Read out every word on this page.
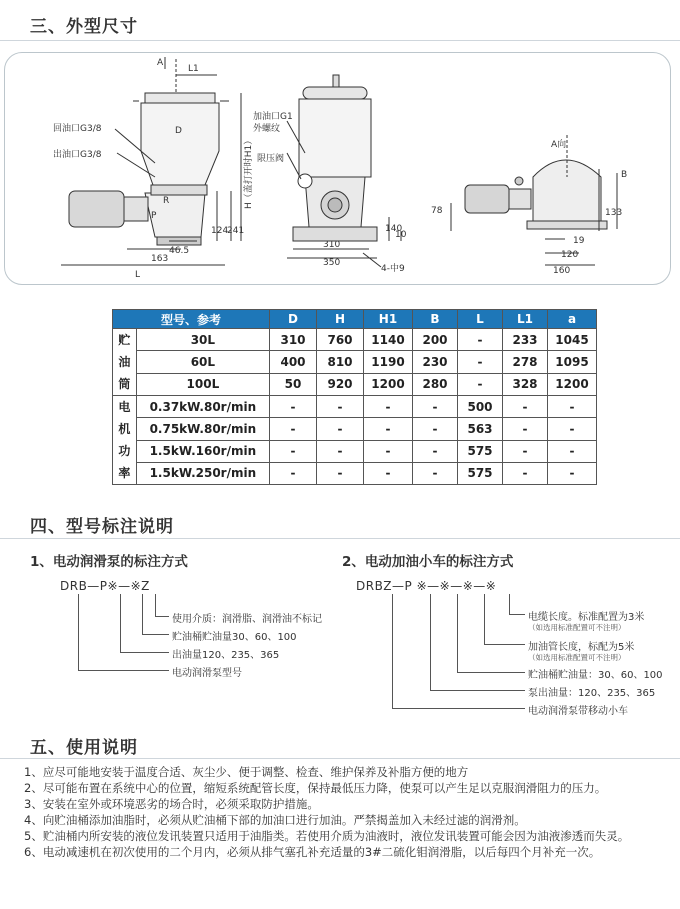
三、外型尺寸
A
L1
D
回油口G3/8
出油口G3/8
R
P
124
241
46.5
163
L
H（盖打开时H1）
加油口G1
外螺纹
限压阀
140
10
310
350
4-中9
A向
B
78	133
19
120
160
型号、参考		D	H	H1	B	L	L1	a
贮
油
筒	30L	310	760	1140	200	-	233	1045
	60L	400	810	1190	230	-	278	1095
	100L	50	920	1200	280	-	328	1200
电
机
功
率	0.37kW.80r/min	-	-	-	-	500	-	-
	0.75kW.80r/min	-	-	-	-	563	-	-
	1.5kW.160r/min	-	-	-	-	575	-	-
	1.5kW.250r/min	-	-	-	-	575	-	-
四、型号标注说明
1、电动润滑泵的标注方式
DRB—P※—※Z
使用介质：润滑脂、润滑油不标记
贮油桶贮油量30、60、100
出油量120、235、365
电动润滑泵型号
2、电动加油小车的标注方式
DRBZ—P ※—※—※—※
电缆长度。标准配置为3米
（如选用标准配置可不注明）
加油管长度，标配为5米
（如选用标准配置可不注明）
贮油桶贮油量：30、60、100
泵出油量：120、235、365
电动润滑泵带移动小车
五、使用说明

1、应尽可能地安装于温度合适、灰尘少、便于调整、检查、维护保养及补脂方便的地方

2、尽可能布置在系统中心的位置，缩短系统配管长度，保持最低压力降，使泵可以产生足以克服润滑阻力的压力。

3、安装在室外或环境恶劣的场合时，必须采取防护措施。

4、向贮油桶添加油脂时，必须从贮油桶下部的加油口进行加油。严禁揭盖加入未经过滤的润滑剂。

5、贮油桶内所安装的液位发讯装置只适用于油脂类。若使用介质为油液时，液位发讯装置可能会因为油液渗透而失灵。

6、电动减速机在初次使用的二个月内，必须从排气塞孔补充适量的3#二硫化钼润滑脂，以后每四个月补充一次。
